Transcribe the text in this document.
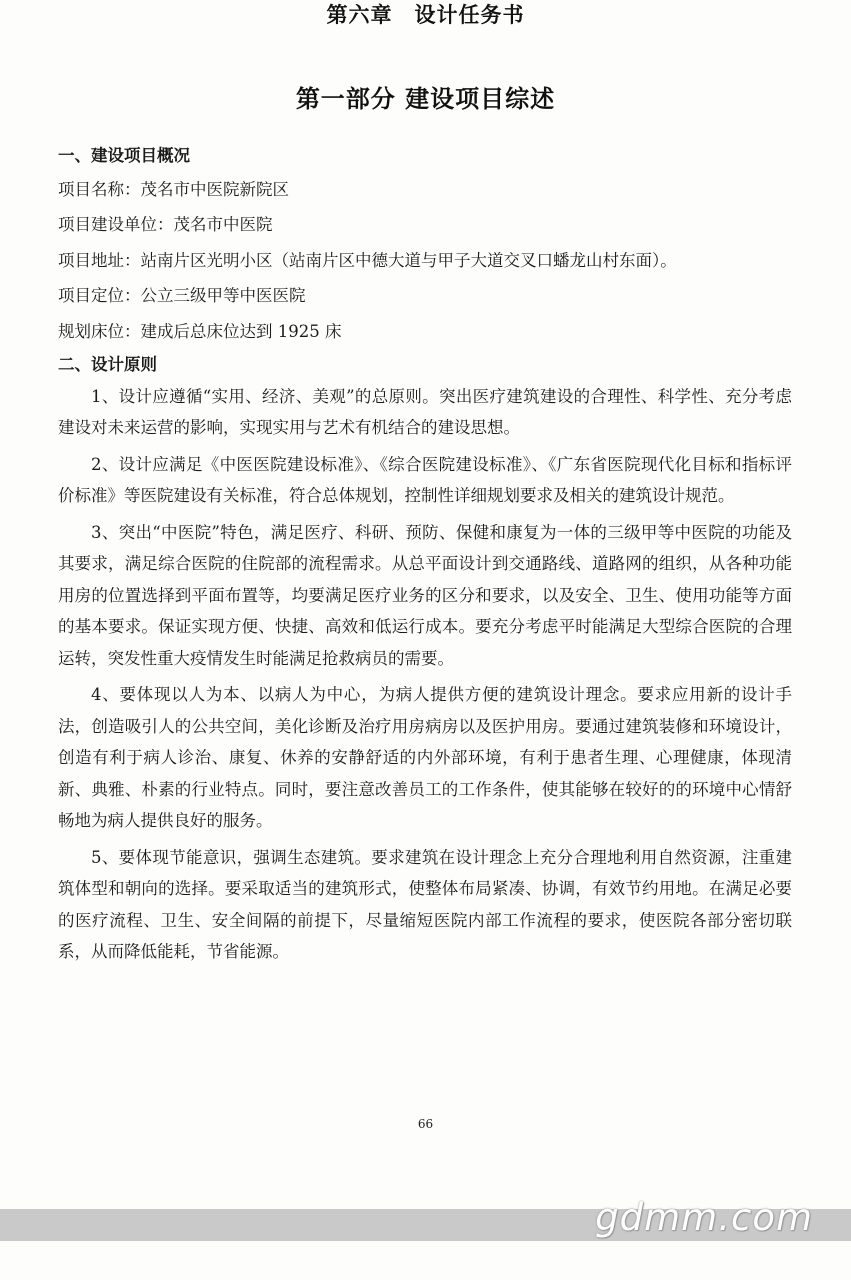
第六章　设计任务书
第一部分 建设项目综述
一、建设项目概况
项目名称：茂名市中医院新院区
项目建设单位：茂名市中医院
项目地址：站南片区光明小区（站南片区中德大道与甲子大道交叉口蟠龙山村东面）。
项目定位：公立三级甲等中医医院
规划床位：建成后总床位达到 1925 床
二、设计原则

1、设计应遵循“实用、经济、美观”的总原则。突出医疗建筑建设的合理性、科学性、充分考虑建设对未来运营的影响，实现实用与艺术有机结合的建设思想。

2、设计应满足《中医医院建设标准》、《综合医院建设标准》、《广东省医院现代化目标和指标评价标准》等医院建设有关标准，符合总体规划，控制性详细规划要求及相关的建筑设计规范。

3、突出“中医院”特色，满足医疗、科研、预防、保健和康复为一体的三级甲等中医院的功能及其要求，满足综合医院的住院部的流程需求。从总平面设计到交通路线、道路网的组织，从各种功能用房的位置选择到平面布置等，均要满足医疗业务的区分和要求，以及安全、卫生、使用功能等方面的基本要求。保证实现方便、快捷、高效和低运行成本。要充分考虑平时能满足大型综合医院的合理运转，突发性重大疫情发生时能满足抢救病员的需要。

4、要体现以人为本、以病人为中心，为病人提供方便的建筑设计理念。要求应用新的设计手法，创造吸引人的公共空间，美化诊断及治疗用房病房以及医护用房。要通过建筑装修和环境设计，创造有利于病人诊治、康复、休养的安静舒适的内外部环境，有利于患者生理、心理健康，体现清新、典雅、朴素的行业特点。同时，要注意改善员工的工作条件，使其能够在较好的的环境中心情舒畅地为病人提供良好的服务。

5、要体现节能意识，强调生态建筑。要求建筑在设计理念上充分合理地利用自然资源，注重建筑体型和朝向的选择。要采取适当的建筑形式，使整体布局紧凑、协调，有效节约用地。在满足必要的医疗流程、卫生、安全间隔的前提下，尽量缩短医院内部工作流程的要求，使医院各部分密切联系，从而降低能耗，节省能源。

66
gdmm.com
